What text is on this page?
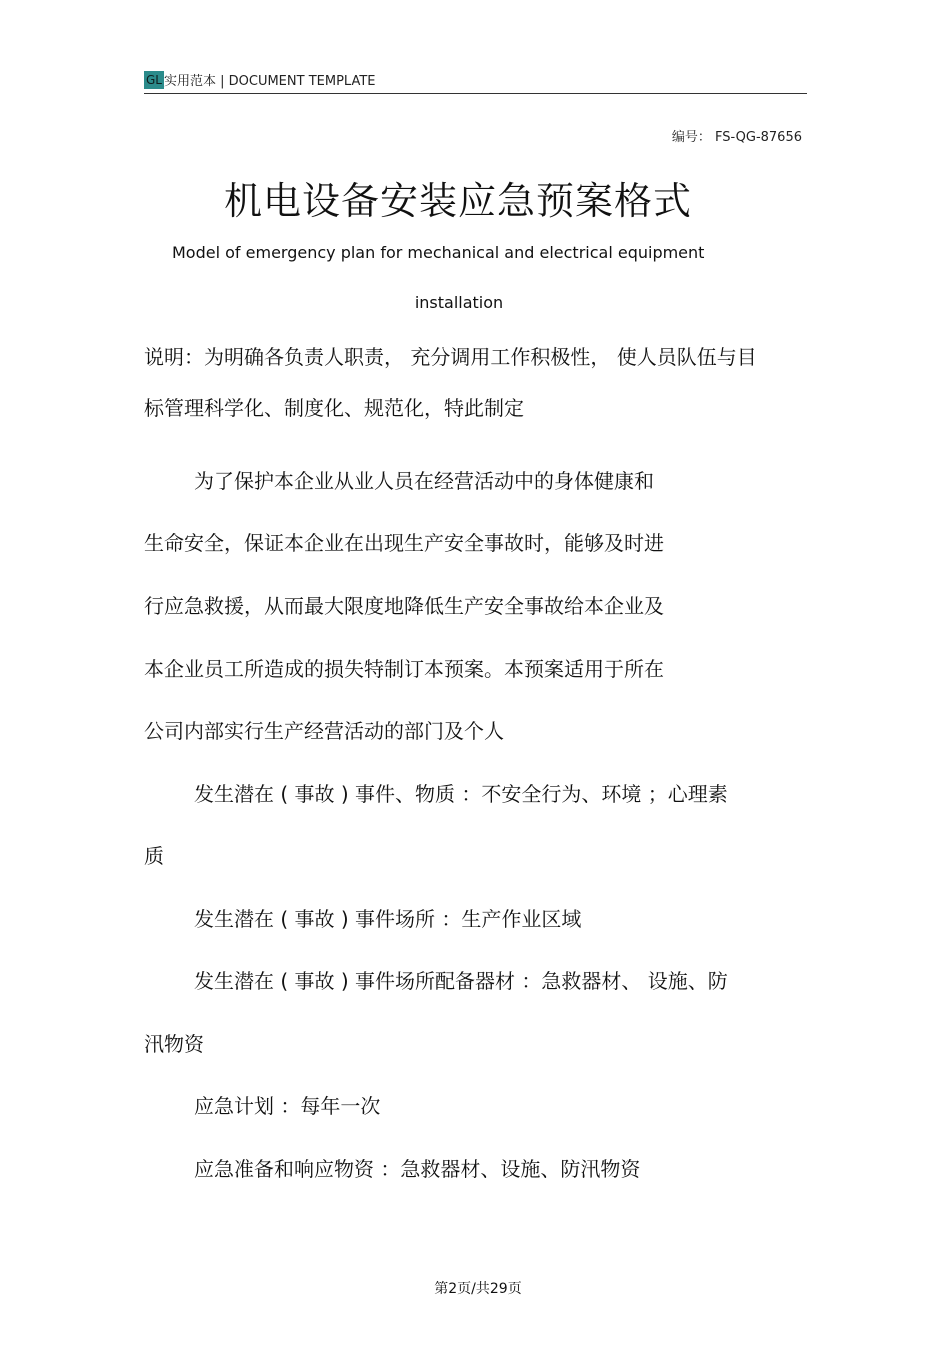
GL 实用范本 | DOCUMENT TEMPLATE
编号： FS-QG-87656
机电设备安装应急预案格式
Model of emergency plan for mechanical and electrical equipment
installation
说明：为明确各负责人职责， 充分调用工作积极性， 使人员队伍与目
标管理科学化、制度化、规范化，特此制定
为了保护本企业从业人员在经营活动中的身体健康和
生命安全，保证本企业在出现生产安全事故时，能够及时进
行应急救援，从而最大限度地降低生产安全事故给本企业及
本企业员工所造成的损失特制订本预案。本预案适用于所在
公司内部实行生产经营活动的部门及个人
发生潜在 ( 事故 ) 事件、物质 ：不安全行为、环境 ；心理素
质
发生潜在 ( 事故 ) 事件场所 ：生产作业区域
发生潜在 ( 事故 ) 事件场所配备器材 ：急救器材、 设施、防
汛物资
应急计划 ：每年一次
应急准备和响应物资 ：急救器材、设施、防汛物资
第2页/共29页
